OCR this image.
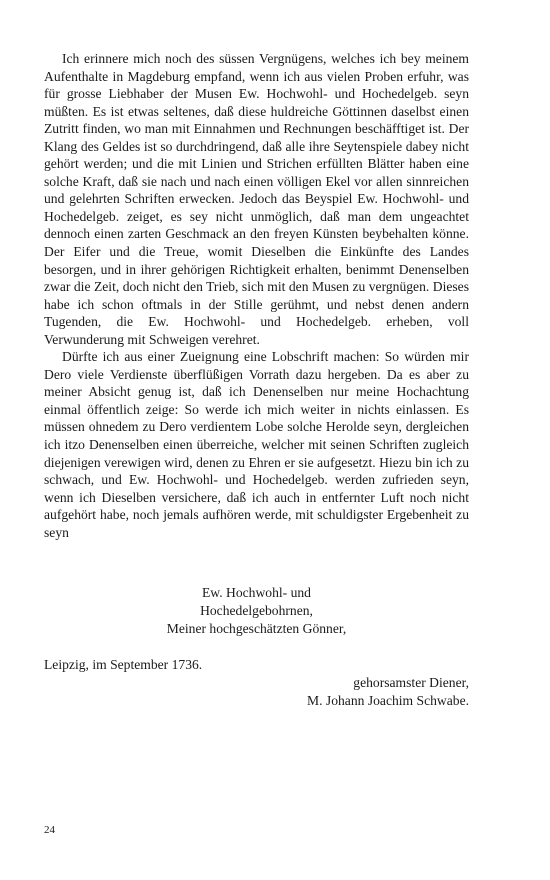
Ich erinnere mich noch des süssen Vergnügens, welches ich bey meinem Aufenthalte in Magdeburg empfand, wenn ich aus vielen Proben erfuhr, was für grosse Liebhaber der Musen Ew. Hochwohl- und Hochedelgeb. seyn müßten. Es ist etwas seltenes, daß diese huldreiche Göttinnen daselbst einen Zutritt finden, wo man mit Einnahmen und Rechnungen beschäfftiget ist. Der Klang des Geldes ist so durchdringend, daß alle ihre Seytenspiele dabey nicht gehört werden; und die mit Linien und Strichen erfüllten Blätter haben eine solche Kraft, daß sie nach und nach einen völligen Ekel vor allen sinnreichen und gelehrten Schriften erwecken. Jedoch das Beyspiel Ew. Hochwohl- und Hochedelgeb. zeiget, es sey nicht unmöglich, daß man dem ungeachtet dennoch einen zarten Geschmack an den freyen Künsten beybehalten könne. Der Eifer und die Treue, womit Dieselben die Einkünfte des Landes besorgen, und in ihrer gehörigen Richtigkeit erhalten, benimmt Denenselben zwar die Zeit, doch nicht den Trieb, sich mit den Musen zu vergnügen. Dieses habe ich schon oftmals in der Stille gerühmt, und nebst denen andern Tugenden, die Ew. Hochwohl- und Hochedelgeb. erheben, voll Verwunderung mit Schweigen verehret.

Dürfte ich aus einer Zueignung eine Lobschrift machen: So würden mir Dero viele Verdienste überflüßigen Vorrath dazu hergeben. Da es aber zu meiner Absicht genug ist, daß ich Denenselben nur meine Hochachtung einmal öffentlich zeige: So werde ich mich weiter in nichts einlassen. Es müssen ohnedem zu Dero verdientem Lobe solche Herolde seyn, dergleichen ich itzo Denenselben einen überreiche, welcher mit seinen Schriften zugleich diejenigen verewigen wird, denen zu Ehren er sie aufgesetzt. Hiezu bin ich zu schwach, und Ew. Hochwohl- und Hochedelgeb. werden zufrieden seyn, wenn ich Dieselben versichere, daß ich auch in entfernter Luft noch nicht aufgehört habe, noch jemals aufhören werde, mit schuldigster Ergebenheit zu seyn

Ew. Hochwohl- und
Hochedelgebohrnen,
Meiner hochgeschätzten Gönner,
Leipzig, im September 1736.
gehorsamster Diener,
M. Johann Joachim Schwabe.
24
